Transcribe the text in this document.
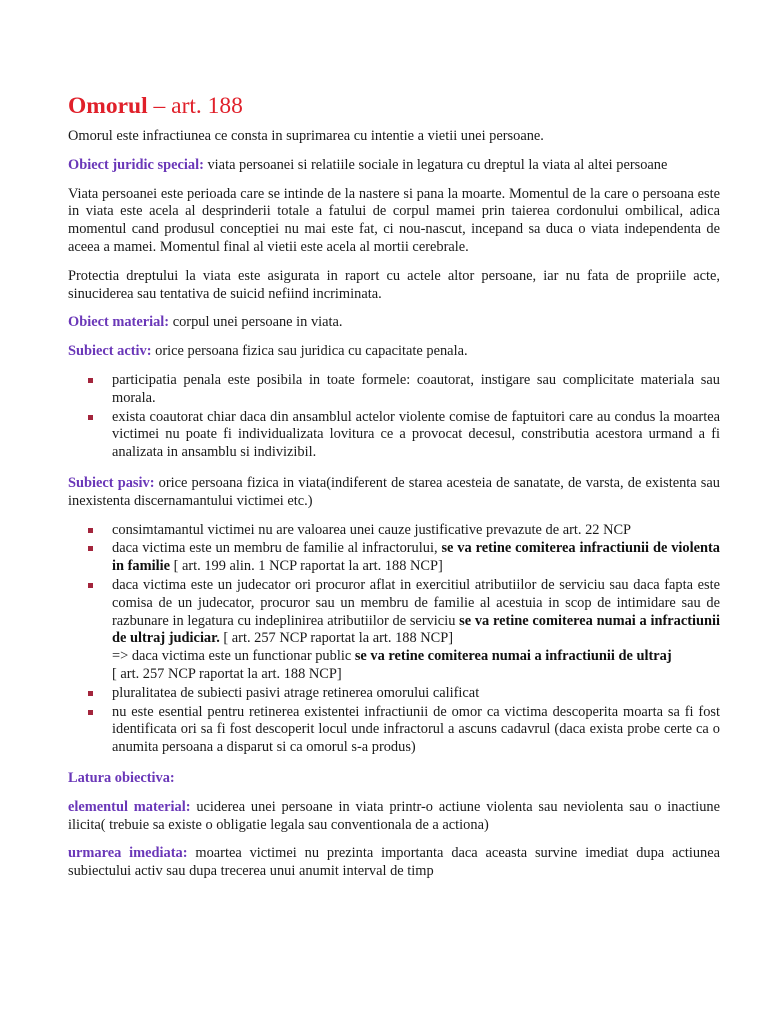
Omorul – art. 188

Omorul este infractiunea ce consta in suprimarea cu intentie a vietii unei persoane.

Obiect juridic special: viata persoanei si relatiile sociale in legatura cu dreptul la viata al altei persoane

Viata persoanei este perioada care se intinde de la nastere si pana la moarte. Momentul de la care o persoana este in viata este acela al desprinderii totale a fatului de corpul mamei prin taierea cordonului ombilical, adica momentul cand produsul conceptiei nu mai este fat, ci nou-nascut, incepand sa duca o viata independenta de aceea a mamei. Momentul final al vietii este acela al mortii cerebrale.

Protectia dreptului la viata este asigurata in raport cu actele altor persoane, iar nu fata de propriile acte, sinuciderea sau tentativa de suicid nefiind incriminata.

Obiect material: corpul unei persoane in viata.

Subiect activ: orice persoana fizica sau juridica cu capacitate penala.

participatia penala este posibila in toate formele: coautorat, instigare sau complicitate materiala sau morala.
exista coautorat chiar daca din ansamblul actelor violente comise de faptuitori care au condus la moartea victimei nu poate fi individualizata lovitura ce a provocat decesul, constributia acestora urmand a fi analizata in ansamblu si indivizibil.

Subiect pasiv: orice persoana fizica in viata(indiferent de starea acesteia de sanatate, de varsta, de existenta sau inexistenta discernamantului victimei etc.)

consimtamantul victimei nu are valoarea unei cauze justificative prevazute de art. 22 NCP
daca victima este un membru de familie al infractorului, se va retine comiterea infractiunii de violenta in familie [ art. 199 alin. 1 NCP raportat la art. 188 NCP]
daca victima este un judecator ori procuror aflat in exercitiul atributiilor de serviciu sau daca fapta este comisa de un judecator, procuror sau un membru de familie al acestuia in scop de intimidare sau de razbunare in legatura cu indeplinirea atributiilor de serviciu se va retine comiterea numai a infractiunii de ultraj judiciar. [ art. 257 NCP raportat la art. 188 NCP]
=> daca victima este un functionar public se va retine comiterea numai a infractiunii de ultraj
[ art. 257 NCP raportat la art. 188 NCP]
pluralitatea de subiecti pasivi atrage retinerea omorului calificat
nu este esential pentru retinerea existentei infractiunii de omor ca victima descoperita moarta sa fi fost identificata ori sa fi fost descoperit locul unde infractorul a ascuns cadavrul (daca exista probe certe ca o anumita persoana a disparut si ca omorul s-a produs)

Latura obiectiva:

elementul material: uciderea unei persoane in viata printr-o actiune violenta sau neviolenta sau o inactiune ilicita( trebuie sa existe o obligatie legala sau conventionala de a actiona)

urmarea imediata: moartea victimei nu prezinta importanta daca aceasta survine imediat dupa actiunea subiectului activ sau dupa trecerea unui anumit interval de timp
